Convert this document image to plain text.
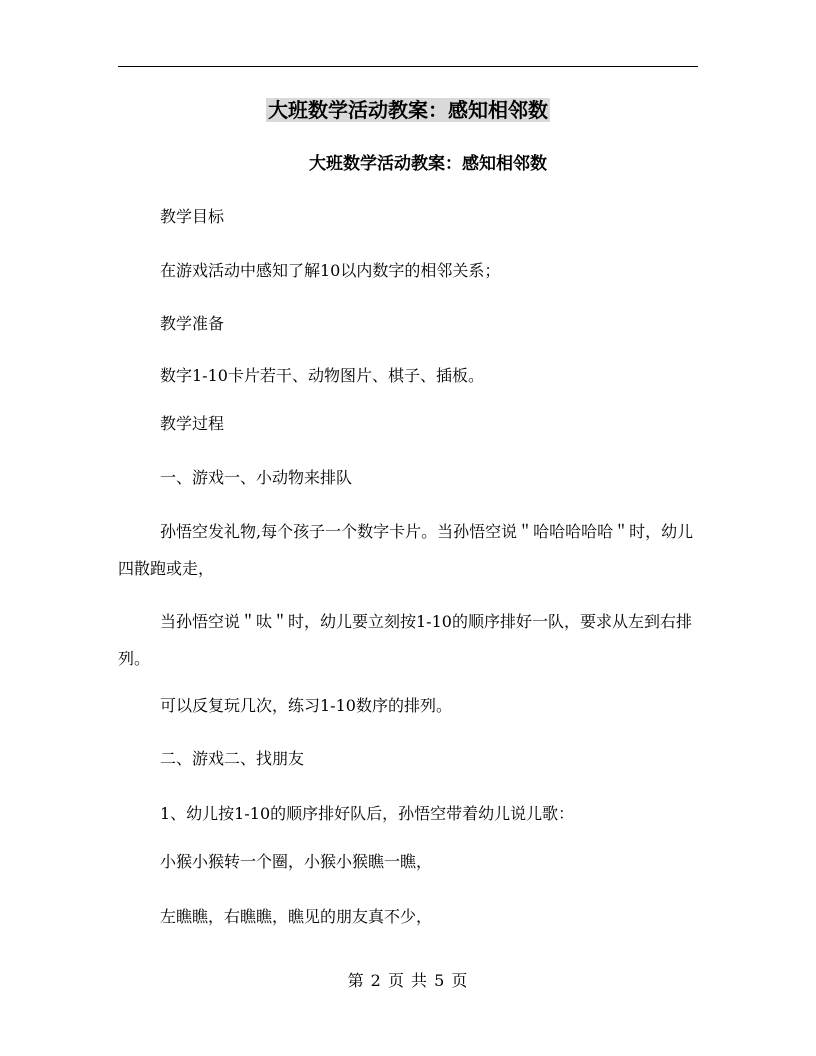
大班数学活动教案：感知相邻数
大班数学活动教案：感知相邻数
教学目标
在游戏活动中感知了解10以内数字的相邻关系；
教学准备
数字1-10卡片若干、动物图片、棋子、插板。
教学过程
一、游戏一、小动物来排队
孙悟空发礼物,每个孩子一个数字卡片。当孙悟空说＂哈哈哈哈哈＂时，幼儿四散跑或走，
当孙悟空说＂呔＂时，幼儿要立刻按1-10的顺序排好一队，要求从左到右排列。
可以反复玩几次，练习1-10数序的排列。
二、游戏二、找朋友
1、幼儿按1-10的顺序排好队后，孙悟空带着幼儿说儿歌：
小猴小猴转一个圈，小猴小猴瞧一瞧，
左瞧瞧，右瞧瞧，瞧见的朋友真不少，
第 2 页 共 5 页
